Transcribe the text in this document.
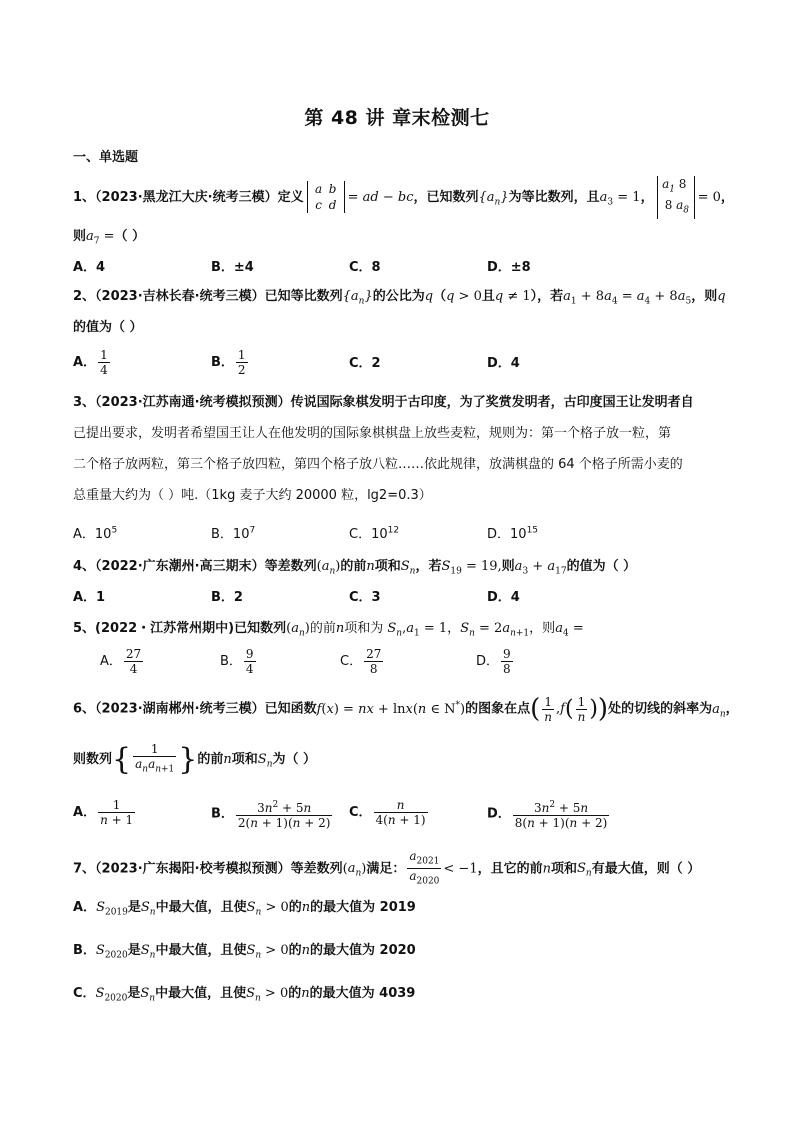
第 48 讲 章末检测七
一、单选题
1、（2023·黑龙江大庆·统考三模）定义a b
c d= ad − bc，已知数列$\{a_n\}$为等比数列，且$a_3 = 1$，$a_1$ 8
8 $a_8= 0$，
则$a_7$ =（ ）
A．4	B．±4	C．8	D．±8
2、（2023·吉林长春·统考三模）已知等比数列$\{a_n\}$的公比为q（q > 0且q ≠ 1），若$a_1 + 8a_4 = a_4 + 8a_5$，则q
的值为（ ）
A． $\frac{1}{4}$	B． $\frac{1}{2}$	C．2	D．4
3、（2023·江苏南通·统考模拟预测）传说国际象棋发明于古印度，为了奖赏发明者，古印度国王让发明者自
己提出要求，发明者希望国王让人在他发明的国际象棋棋盘上放些麦粒，规则为：第一个格子放一粒，第
二个格子放两粒，第三个格子放四粒，第四个格子放八粒……依此规律，放满棋盘的 64 个格子所需小麦的
总重量大约为（ ）吨.（1kg 麦子大约 20000 粒，lg2=0.3）
A．$10^5$	B．$10^7$	C．$10^{12}$	D．$10^{15}$
4、（2022·广东潮州·高三期末）等差数列$(a_n)$的前n项和$S_n$，若$S_{19} = 19$,则$a_3 + a_{17}$的值为（ ）
A．1	B．2	C．3	D．4
5、(2022・江苏常州期中)已知数列$(a_n)$的前n项和为 $S_n,a_1 = 1$，$S_n = 2a_{n+1}$，则$a_4$ =
A． $\frac{27}{4}$	B． $\frac{9}{4}$	C． $\frac{27}{8}$	D． $\frac{9}{8}$
6、（2023·湖南郴州·统考三模）已知函数f(x) = nx + lnx(n ∈ N*)的图象在点( $\frac{1}{n} ,f( \frac{1}{n}$ ))处的切线的斜率为$a_n$，
则数列{ $\frac{1}{a_na_{n+1}}$ }的前n项和$S_n$为（ ）
A． $\frac{1}{n + 1}$	B． $\frac{3n^2 + 5n}{2(n + 1)(n + 2)}$ C． $\frac{n}{4(n + 1)}$	D． $\frac{3n^2 + 5n}{8(n + 1)(n + 2)}$
7、（2023·广东揭阳·校考模拟预测）等差数列$(a_n)$满足： $\frac{a_{2021}}{a_{2020}} < -1$，且它的前n项和$S_n$有最大值，则（ ）
A．$S_{2019}$是$S_n$中最大值，且使$S_n > 0$的n的最大值为 2019
B．$S_{2020}$是$S_n$中最大值，且使$S_n > 0$的n的最大值为 2020
C．$S_{2020}$是$S_n$中最大值，且使$S_n > 0$的n的最大值为 4039
